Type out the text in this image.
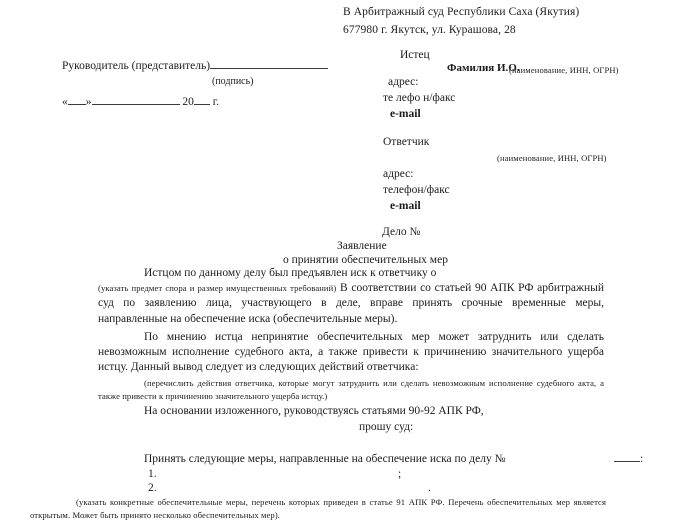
В Арбитражный суд Республики Саха (Якутия)
677980 г. Якутск, ул. Курашова, 28
Руководитель (представитель)
(подпись)
« »	20 г.
Истец
Фамилия И.О.
(наименование, ИНН, ОГРН)
адрес:
те лефо н/факс
e-mail
Ответчик
(наименование, ИНН, ОГРН)
адрес:
телефон/факс
e-mail
Дело №
Заявление
о принятии обеспечительных мер

Истцом по данному делу был предъявлен иск к ответчику о

(указать предмет спора и размер имущественных требований) В соответствии со статьей 90 АПК РФ арбитражный суд по заявлению лица, участвующего в деле, вправе принять срочные временные меры, направленные на обеспечение иска (обеспечительные меры).

По мнению истца непринятие обеспечительных мер может затруднить или сделать невозможным исполнение судебного акта, а также привести к причинению значительного ущерба истцу. Данный вывод следует из следующих действий ответчика:

(перечислить действия ответчика, которые могут затруднить или сделать невозможным исполнение судебного акта, а также привести к причинению значительного ущерба истцу.)

На основании изложенного, руководствуясь статьями 90-92 АПК РФ,

прошу суд:
Принять следующие меры, направленные на обеспечение иска по делу №	:
1.	;
2.	.
(указать конкретные обеспечительные меры, перечень которых приведен в статье 91 АПК РФ. Перечень обеспечительных мер является открытым. Может быть принято несколько обеспечительных мер).
